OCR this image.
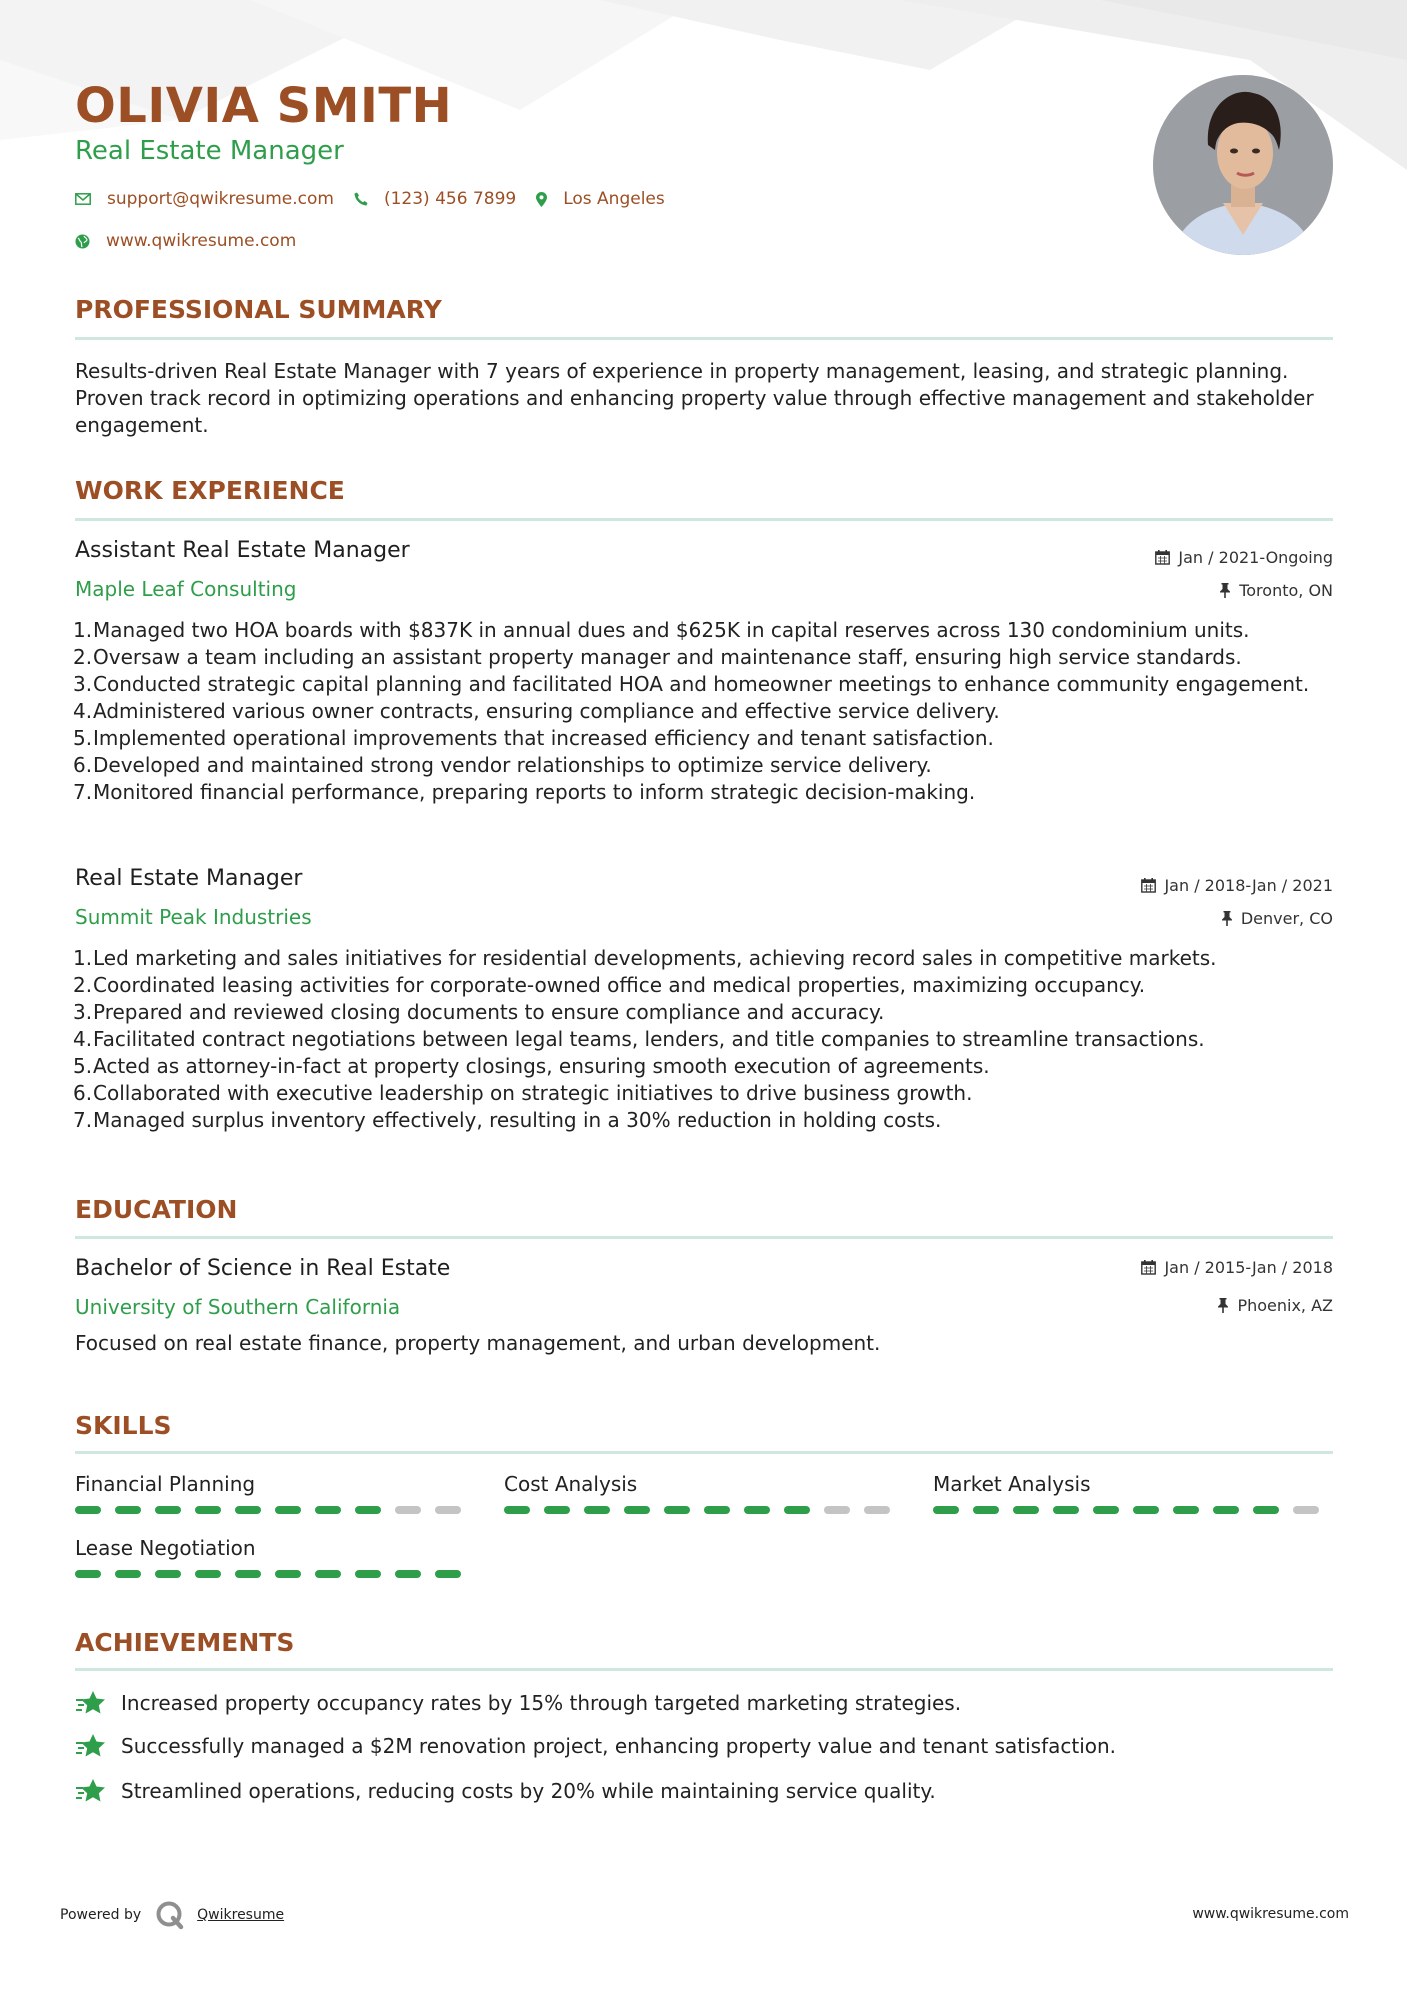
OLIVIA SMITH
Real Estate Manager
support@qwikresume.com	(123) 456 7899	Los Angeles
www.qwikresume.com
PROFESSIONAL SUMMARY
Results-driven Real Estate Manager with 7 years of experience in property management, leasing, and strategic planning. Proven track record in optimizing operations and enhancing property value through effective management and stakeholder engagement.
WORK EXPERIENCE
Assistant Real Estate Manager	Jan / 2021-Ongoing
Maple Leaf Consulting	Toronto, ON
1. Managed two HOA boards with $837K in annual dues and $625K in capital reserves across 130 condominium units.
2. Oversaw a team including an assistant property manager and maintenance staff, ensuring high service standards.
3. Conducted strategic capital planning and facilitated HOA and homeowner meetings to enhance community engagement.
4. Administered various owner contracts, ensuring compliance and effective service delivery.
5. Implemented operational improvements that increased efficiency and tenant satisfaction.
6. Developed and maintained strong vendor relationships to optimize service delivery.
7. Monitored financial performance, preparing reports to inform strategic decision-making.
Real Estate Manager	Jan / 2018-Jan / 2021
Summit Peak Industries	Denver, CO
1. Led marketing and sales initiatives for residential developments, achieving record sales in competitive markets.
2. Coordinated leasing activities for corporate-owned office and medical properties, maximizing occupancy.
3. Prepared and reviewed closing documents to ensure compliance and accuracy.
4. Facilitated contract negotiations between legal teams, lenders, and title companies to streamline transactions.
5. Acted as attorney-in-fact at property closings, ensuring smooth execution of agreements.
6. Collaborated with executive leadership on strategic initiatives to drive business growth.
7. Managed surplus inventory effectively, resulting in a 30% reduction in holding costs.
EDUCATION
Bachelor of Science in Real Estate	Jan / 2015-Jan / 2018
University of Southern California	Phoenix, AZ
Focused on real estate finance, property management, and urban development.
SKILLS
Financial Planning	Cost Analysis	Market Analysis
Lease Negotiation
ACHIEVEMENTS
Increased property occupancy rates by 15% through targeted marketing strategies.
Successfully managed a $2M renovation project, enhancing property value and tenant satisfaction.
Streamlined operations, reducing costs by 20% while maintaining service quality.
Powered by	Qwikresume	www.qwikresume.com
